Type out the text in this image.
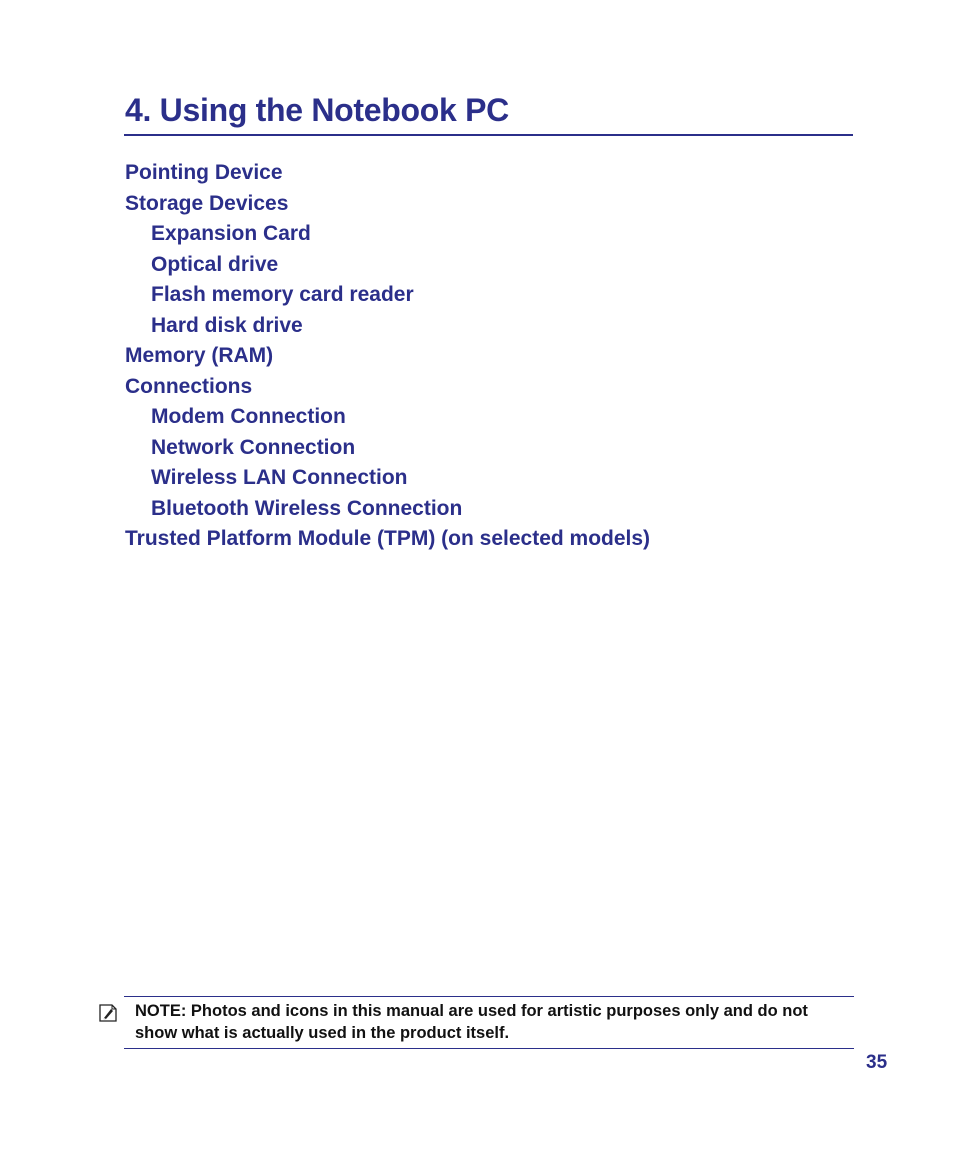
4. Using the Notebook PC
Pointing Device
Storage Devices
Expansion Card
Optical drive
Flash memory card reader
Hard disk drive
Memory (RAM)
Connections
Modem Connection
Network Connection
Wireless LAN Connection
Bluetooth Wireless Connection
Trusted Platform Module (TPM) (on selected models)

NOTE: Photos and icons in this manual are used for artistic purposes only and do not show what is actually used in the product itself.

35
